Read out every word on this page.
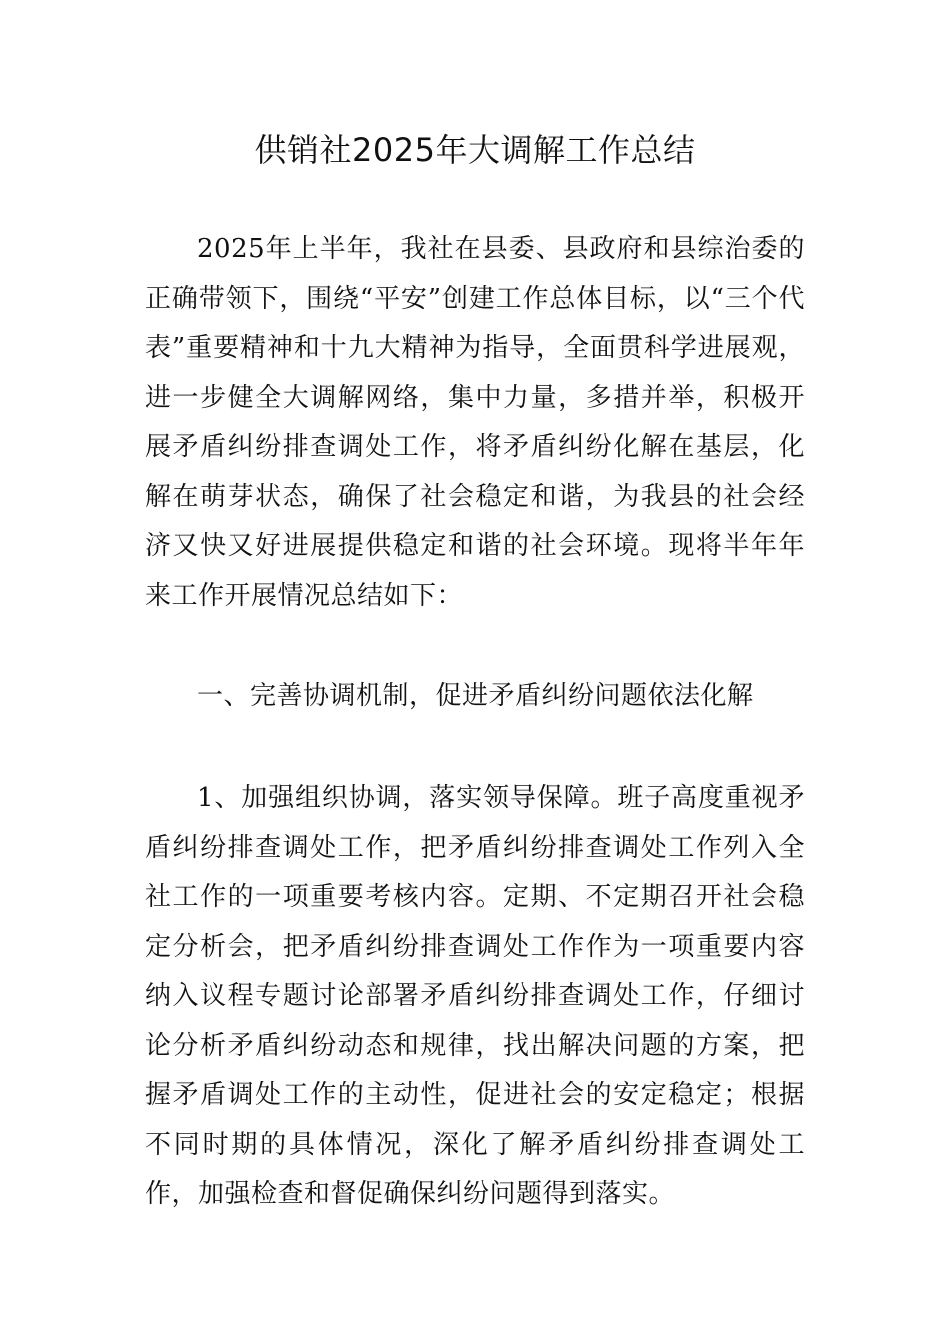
供销社2025年大调解工作总结

2025年上半年，我社在县委、县政府和县综治委的正确带领下，围绕“平安”创建工作总体目标，以“三个代表”重要精神和十九大精神为指导，全面贯科学进展观，进一步健全大调解网络，集中力量，多措并举，积极开展矛盾纠纷排查调处工作，将矛盾纠纷化解在基层，化解在萌芽状态，确保了社会稳定和谐，为我县的社会经济又快又好进展提供稳定和谐的社会环境。现将半年年来工作开展情况总结如下：

一、完善协调机制，促进矛盾纠纷问题依法化解

1、加强组织协调，落实领导保障。班子高度重视矛盾纠纷排查调处工作，把矛盾纠纷排查调处工作列入全社工作的一项重要考核内容。定期、不定期召开社会稳定分析会，把矛盾纠纷排查调处工作作为一项重要内容纳入议程专题讨论部署矛盾纠纷排查调处工作，仔细讨论分析矛盾纠纷动态和规律，找出解决问题的方案，把握矛盾调处工作的主动性，促进社会的安定稳定；根据不同时期的具体情况，深化了解矛盾纠纷排查调处工作，加强检查和督促确保纠纷问题得到落实。
